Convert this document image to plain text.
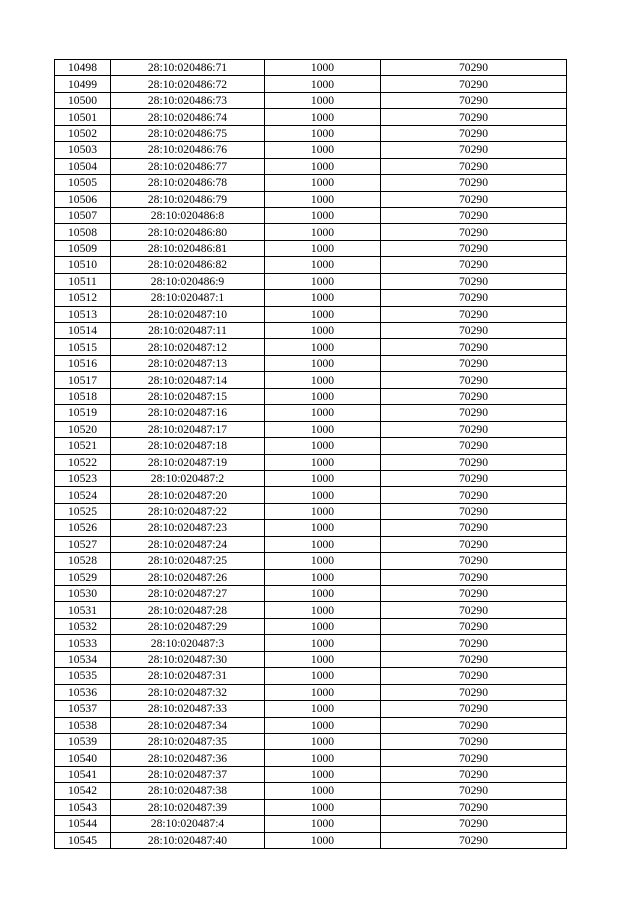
10498	28:10:020486:71	1000	70290
10499	28:10:020486:72	1000	70290
10500	28:10:020486:73	1000	70290
10501	28:10:020486:74	1000	70290
10502	28:10:020486:75	1000	70290
10503	28:10:020486:76	1000	70290
10504	28:10:020486:77	1000	70290
10505	28:10:020486:78	1000	70290
10506	28:10:020486:79	1000	70290
10507	28:10:020486:8	1000	70290
10508	28:10:020486:80	1000	70290
10509	28:10:020486:81	1000	70290
10510	28:10:020486:82	1000	70290
10511	28:10:020486:9	1000	70290
10512	28:10:020487:1	1000	70290
10513	28:10:020487:10	1000	70290
10514	28:10:020487:11	1000	70290
10515	28:10:020487:12	1000	70290
10516	28:10:020487:13	1000	70290
10517	28:10:020487:14	1000	70290
10518	28:10:020487:15	1000	70290
10519	28:10:020487:16	1000	70290
10520	28:10:020487:17	1000	70290
10521	28:10:020487:18	1000	70290
10522	28:10:020487:19	1000	70290
10523	28:10:020487:2	1000	70290
10524	28:10:020487:20	1000	70290
10525	28:10:020487:22	1000	70290
10526	28:10:020487:23	1000	70290
10527	28:10:020487:24	1000	70290
10528	28:10:020487:25	1000	70290
10529	28:10:020487:26	1000	70290
10530	28:10:020487:27	1000	70290
10531	28:10:020487:28	1000	70290
10532	28:10:020487:29	1000	70290
10533	28:10:020487:3	1000	70290
10534	28:10:020487:30	1000	70290
10535	28:10:020487:31	1000	70290
10536	28:10:020487:32	1000	70290
10537	28:10:020487:33	1000	70290
10538	28:10:020487:34	1000	70290
10539	28:10:020487:35	1000	70290
10540	28:10:020487:36	1000	70290
10541	28:10:020487:37	1000	70290
10542	28:10:020487:38	1000	70290
10543	28:10:020487:39	1000	70290
10544	28:10:020487:4	1000	70290
10545	28:10:020487:40	1000	70290
